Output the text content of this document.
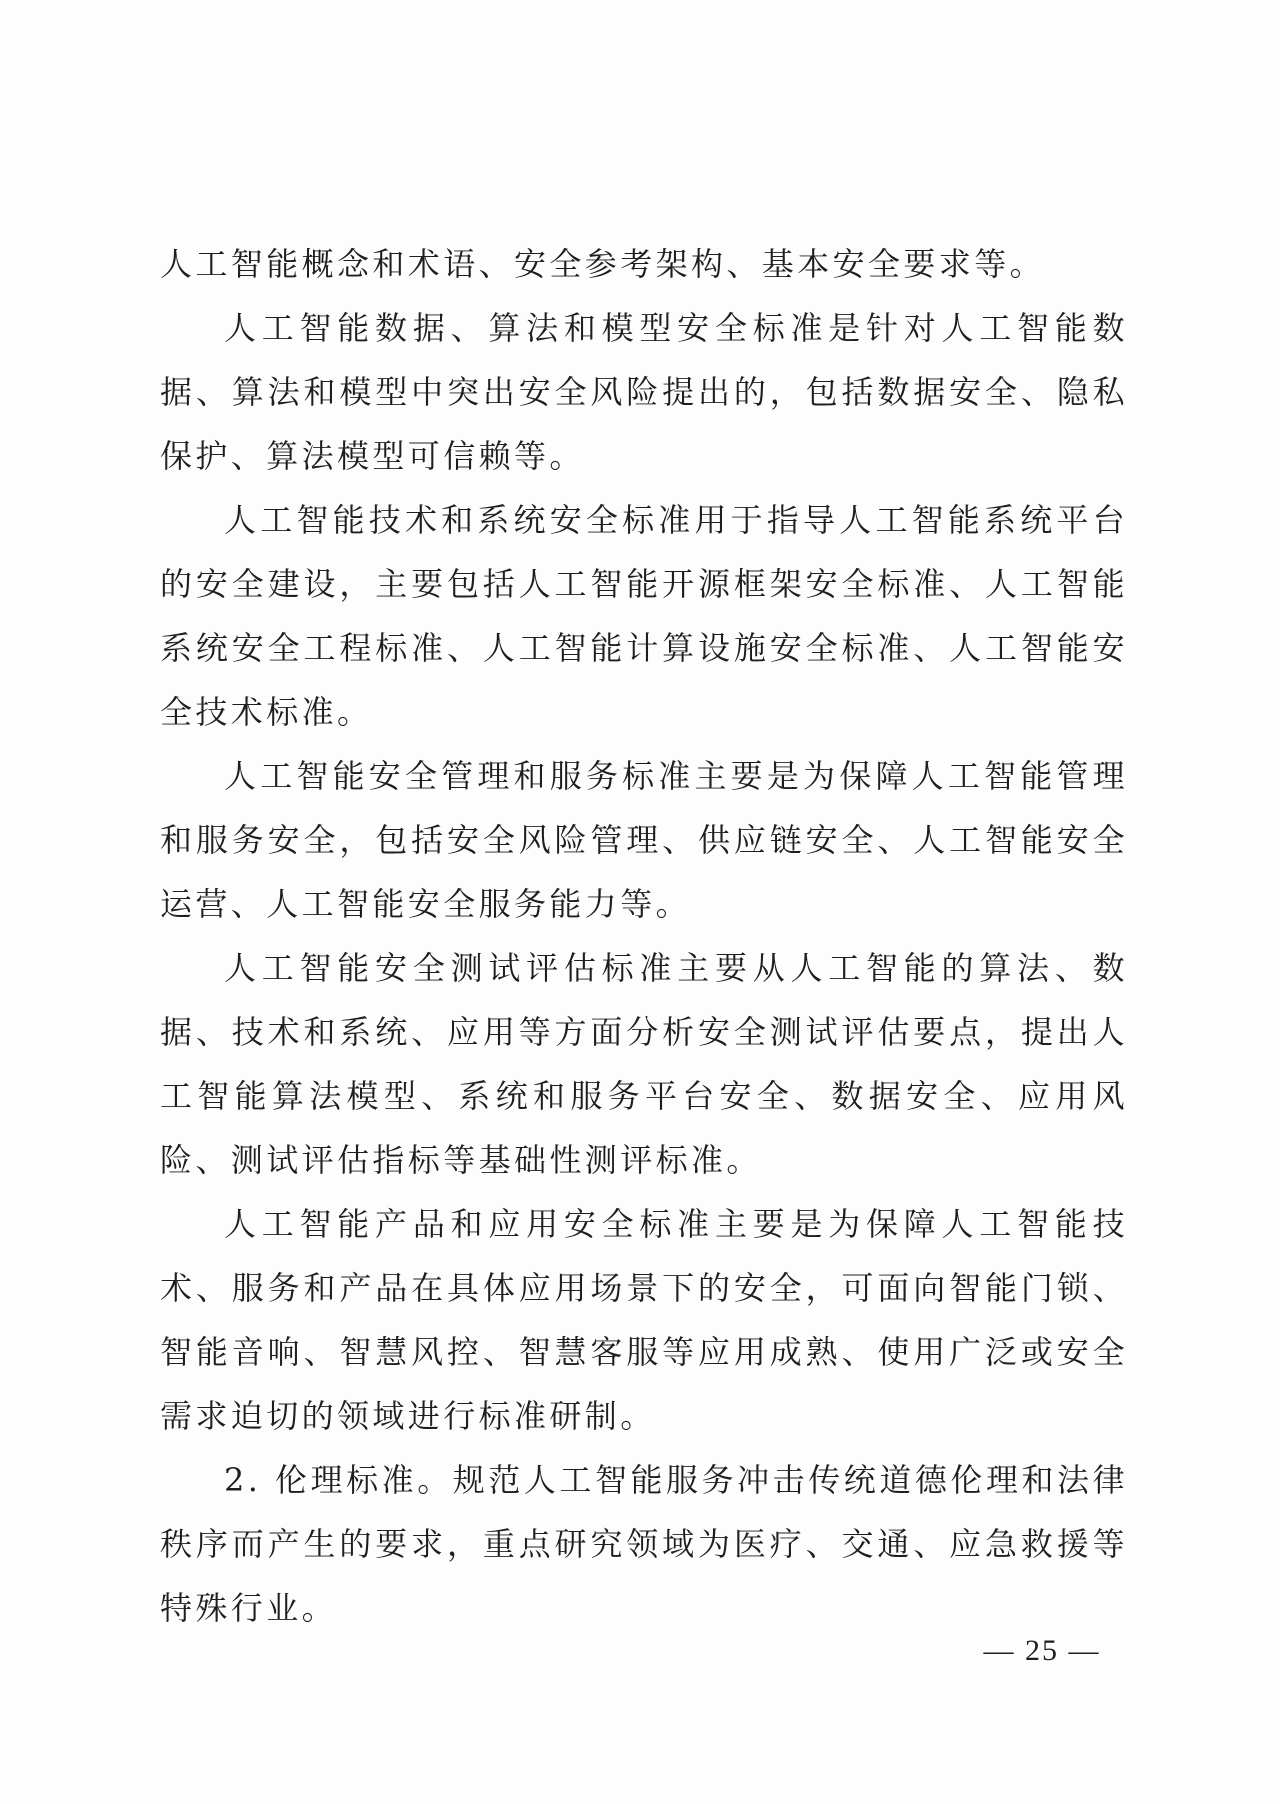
人工智能概念和术语、安全参考架构、基本安全要求等。

人工智能数据、算法和模型安全标准是针对人工智能数据、算法和模型中突出安全风险提出的，包括数据安全、隐私保护、算法模型可信赖等。

人工智能技术和系统安全标准用于指导人工智能系统平台的安全建设，主要包括人工智能开源框架安全标准、人工智能系统安全工程标准、人工智能计算设施安全标准、人工智能安全技术标准。

人工智能安全管理和服务标准主要是为保障人工智能管理和服务安全，包括安全风险管理、供应链安全、人工智能安全运营、人工智能安全服务能力等。

人工智能安全测试评估标准主要从人工智能的算法、数据、技术和系统、应用等方面分析安全测试评估要点，提出人工智能算法模型、系统和服务平台安全、数据安全、应用风险、测试评估指标等基础性测评标准。

人工智能产品和应用安全标准主要是为保障人工智能技术、服务和产品在具体应用场景下的安全，可面向智能门锁、智能音响、智慧风控、智慧客服等应用成熟、使用广泛或安全需求迫切的领域进行标准研制。

2. 伦理标准。规范人工智能服务冲击传统道德伦理和法律秩序而产生的要求，重点研究领域为医疗、交通、应急救援等特殊行业。

— 25 —
